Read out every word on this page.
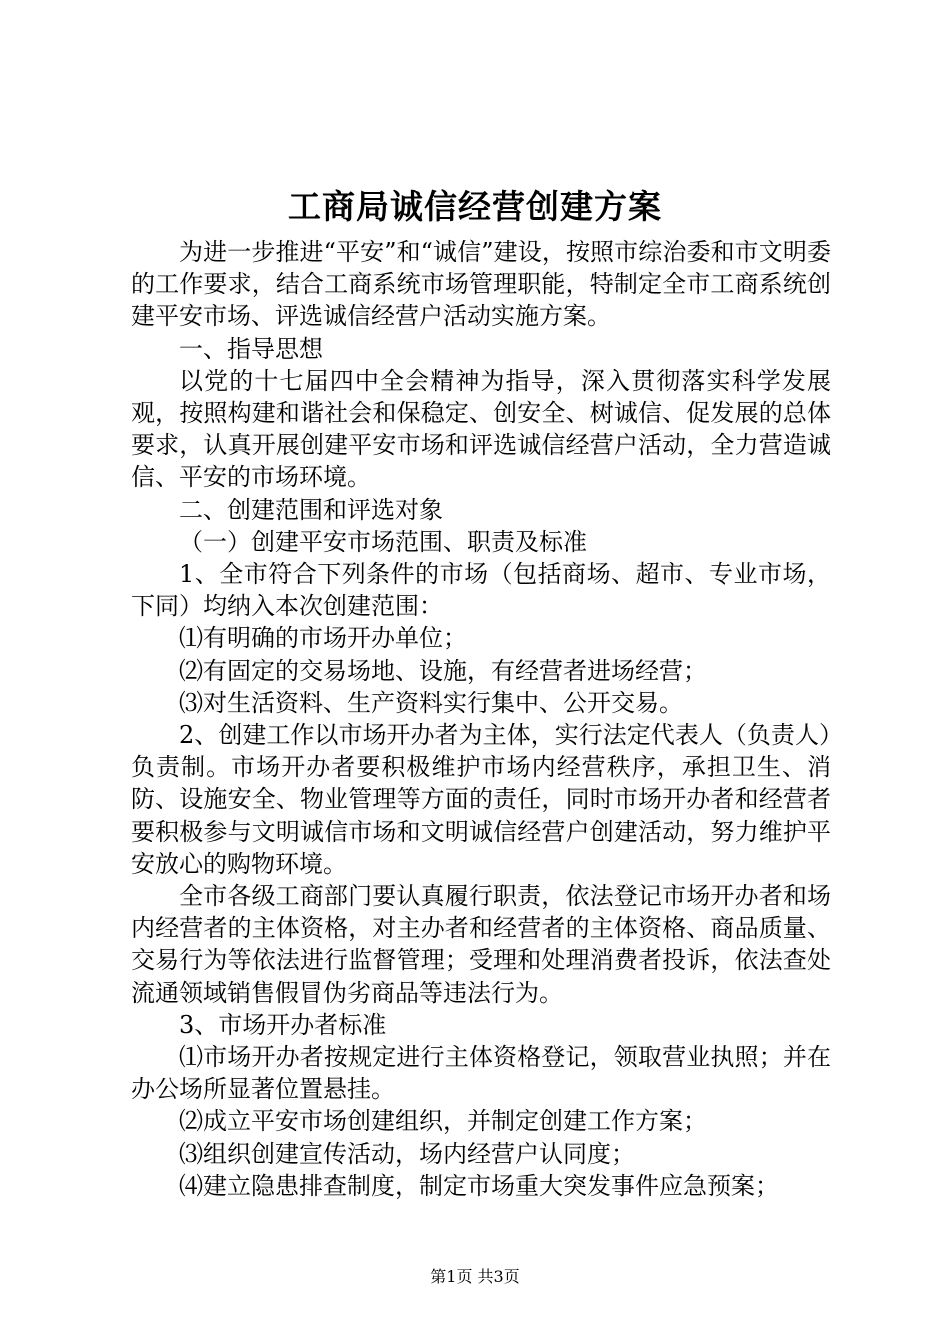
工商局诚信经营创建方案

为进一步推进“平安”和“诚信”建设，按照市综治委和市文明委的工作要求，结合工商系统市场管理职能，特制定全市工商系统创建平安市场、评选诚信经营户活动实施方案。

一、指导思想

以党的十七届四中全会精神为指导，深入贯彻落实科学发展观，按照构建和谐社会和保稳定、创安全、树诚信、促发展的总体要求，认真开展创建平安市场和评选诚信经营户活动，全力营造诚信、平安的市场环境。

二、创建范围和评选对象

（一）创建平安市场范围、职责及标准

1、全市符合下列条件的市场（包括商场、超市、专业市场，下同）均纳入本次创建范围：

⑴有明确的市场开办单位；

⑵有固定的交易场地、设施，有经营者进场经营；

⑶对生活资料、生产资料实行集中、公开交易。

2、创建工作以市场开办者为主体，实行法定代表人（负责人）负责制。市场开办者要积极维护市场内经营秩序，承担卫生、消防、设施安全、物业管理等方面的责任，同时市场开办者和经营者要积极参与文明诚信市场和文明诚信经营户创建活动，努力维护平安放心的购物环境。

全市各级工商部门要认真履行职责，依法登记市场开办者和场内经营者的主体资格，对主办者和经营者的主体资格、商品质量、交易行为等依法进行监督管理；受理和处理消费者投诉，依法查处流通领域销售假冒伪劣商品等违法行为。

3、市场开办者标准

⑴市场开办者按规定进行主体资格登记，领取营业执照；并在办公场所显著位置悬挂。

⑵成立平安市场创建组织，并制定创建工作方案；

⑶组织创建宣传活动，场内经营户认同度；

⑷建立隐患排查制度，制定市场重大突发事件应急预案；

第1页 共3页
